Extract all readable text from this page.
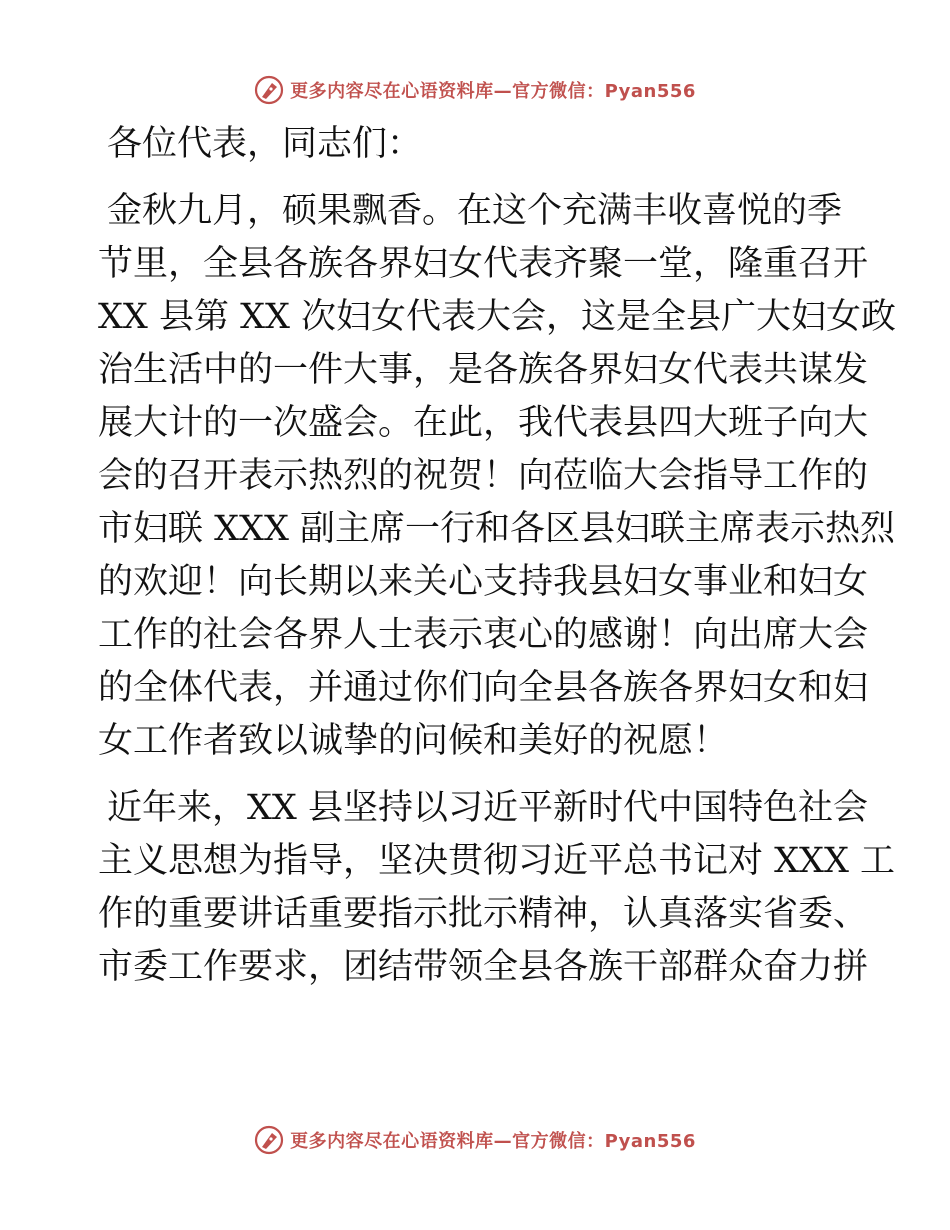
更多内容尽在心语资料库—官方微信：Pyan556

各位代表，同志们：

金秋九月，硕果飘香。在这个充满丰收喜悦的季
节里，全县各族各界妇女代表齐聚一堂，隆重召开
XX 县第 XX 次妇女代表大会，这是全县广大妇女政
治生活中的一件大事，是各族各界妇女代表共谋发
展大计的一次盛会。在此，我代表县四大班子向大
会的召开表示热烈的祝贺！向莅临大会指导工作的
市妇联 XXX 副主席一行和各区县妇联主席表示热烈
的欢迎！向长期以来关心支持我县妇女事业和妇女
工作的社会各界人士表示衷心的感谢！向出席大会
的全体代表，并通过你们向全县各族各界妇女和妇
女工作者致以诚挚的问候和美好的祝愿！
近年来，XX 县坚持以习近平新时代中国特色社会
主义思想为指导，坚决贯彻习近平总书记对 XXX 工
作的重要讲话重要指示批示精神，认真落实省委、
市委工作要求，团结带领全县各族干部群众奋力拼
更多内容尽在心语资料库—官方微信：Pyan556
